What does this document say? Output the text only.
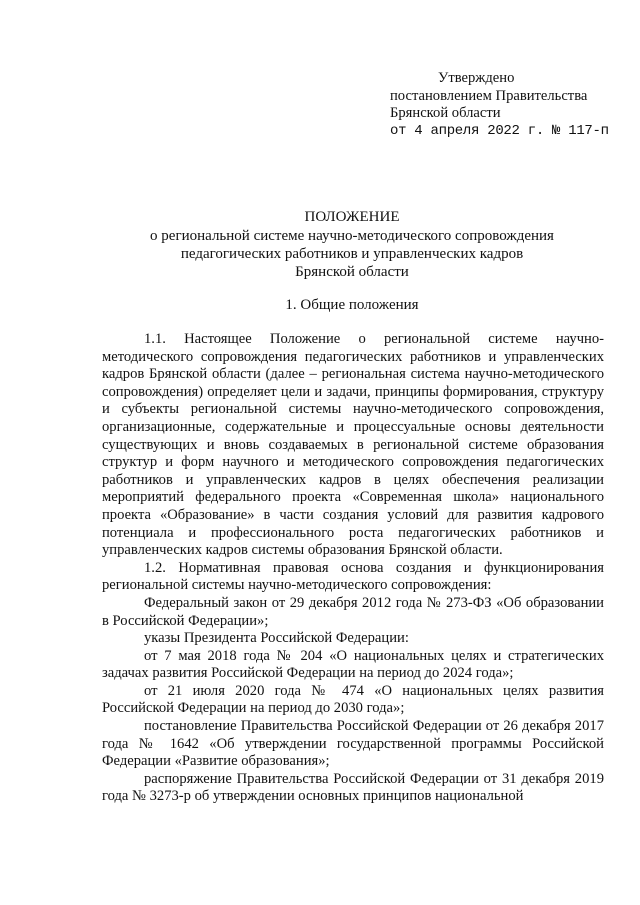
Утверждено
постановлением Правительства
Брянской области
от 4 апреля 2022 г. № 117-п
ПОЛОЖЕНИЕ
о региональной системе научно-методического сопровождения
педагогических работников и управленческих кадров
Брянской области
1. Общие положения

1.1. Настоящее Положение о региональной системе научно-методического сопровождения педагогических работников и управленческих кадров Брянской области (далее – региональная система научно-методического сопровождения) определяет цели и задачи, принципы формирования, структуру и субъекты региональной системы научно-методического сопровождения, организационные, содержательные и процессуальные основы деятельности существующих и вновь создаваемых в региональной системе образования структур и форм научного и методического сопровождения педагогических работников и управленческих кадров в целях обеспечения реализации мероприятий федерального проекта «Современная школа» национального проекта «Образование» в части создания условий для развития кадрового потенциала и профессионального роста педагогических работников и управленческих кадров системы образования Брянской области.

1.2. Нормативная правовая основа создания и функционирования региональной системы научно-методического сопровождения:

Федеральный закон от 29 декабря 2012 года № 273-ФЗ «Об образовании в Российской Федерации»;

указы Президента Российской Федерации:

от 7 мая 2018 года № 204 «О национальных целях и стратегических задачах развития Российской Федерации на период до 2024 года»;

от 21 июля 2020 года № 474 «О национальных целях развития Российской Федерации на период до 2030 года»;

постановление Правительства Российской Федерации от 26 декабря 2017 года № 1642 «Об утверждении государственной программы Российской Федерации «Развитие образования»;

распоряжение Правительства Российской Федерации от 31 декабря 2019 года № 3273-р об утверждении основных принципов национальной
